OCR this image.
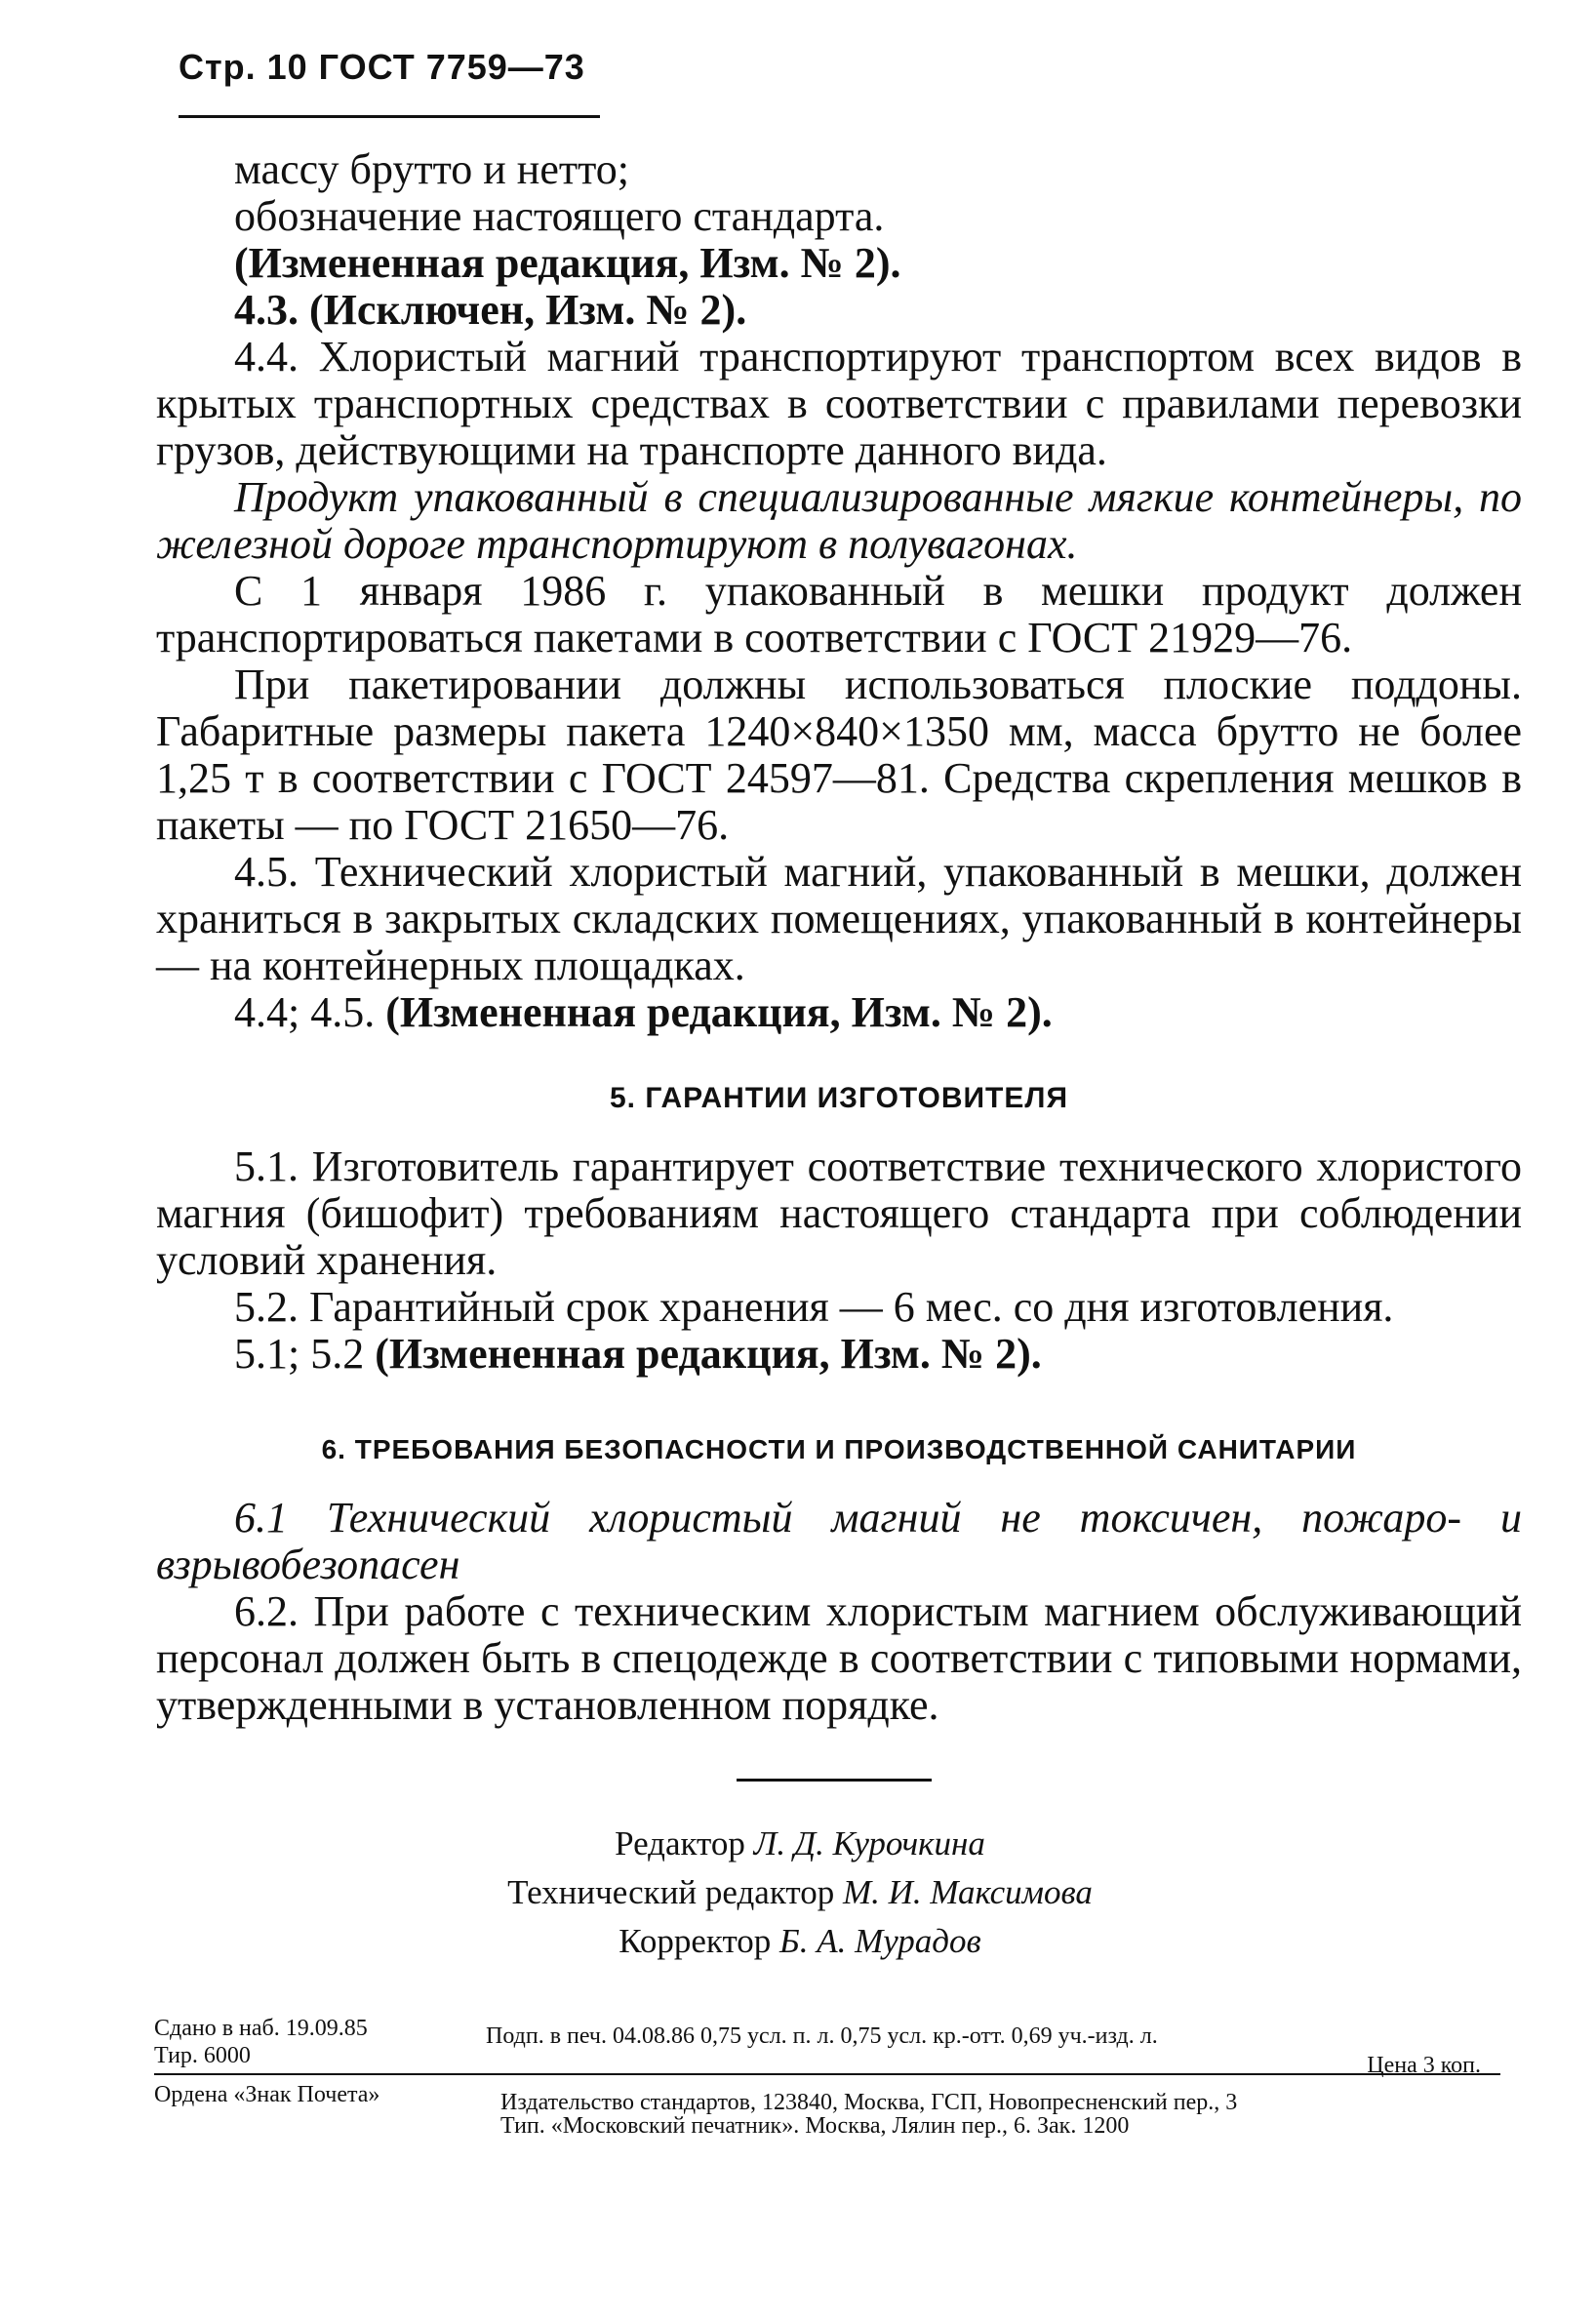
Стр. 10 ГОСТ 7759—73

массу брутто и нетто;

обозначение настоящего стандарта.

(Измененная редакция, Изм. № 2).

4.3. (Исключен, Изм. № 2).

4.4. Хлористый магний транспортируют транспортом всех видов в крытых транспортных средствах в соответствии с правилами перевозки грузов, действующими на транспорте данного вида.

Продукт упакованный в специализированные мягкие контейнеры, по железной дороге транспортируют в полувагонах.

С 1 января 1986 г. упакованный в мешки продукт должен транспортироваться пакетами в соответствии с ГОСТ 21929—76.

При пакетировании должны использоваться плоские поддоны. Габаритные размеры пакета 1240×840×1350 мм, масса брутто не более 1,25 т в соответствии с ГОСТ 24597—81. Средства скрепления мешков в пакеты — по ГОСТ 21650—76.

4.5. Технический хлористый магний, упакованный в мешки, должен храниться в закрытых складских помещениях, упакованный в контейнеры — на контейнерных площадках.

4.4; 4.5. (Измененная редакция, Изм. № 2).

5. ГАРАНТИИ ИЗГОТОВИТЕЛЯ

5.1. Изготовитель гарантирует соответствие технического хлористого магния (бишофит) требованиям настоящего стандарта при соблюдении условий хранения.

5.2. Гарантийный срок хранения — 6 мес. со дня изготовления.

5.1; 5.2 (Измененная редакция, Изм. № 2).

6. ТРЕБОВАНИЯ БЕЗОПАСНОСТИ И ПРОИЗВОДСТВЕННОЙ САНИТАРИИ

6.1 Технический хлористый магний не токсичен, пожаро- и взрывобезопасен

6.2. При работе с техническим хлористым магнием обслуживающий персонал должен быть в спецодежде в соответствии с типовыми нормами, утвержденными в установленном порядке.

Редактор Л. Д. Курочкина
Технический редактор М. И. Максимова
Корректор Б. А. Мурадов
Сдано в наб. 19.09.85	Подп. в печ. 04.08.86 0,75 усл. п. л. 0,75 усл. кр.-отт. 0,69 уч.-изд. л.
Тир. 6000	Цена 3 коп.
Ордена «Знак Почета»	Издательство стандартов, 123840, Москва, ГСП, Новопресненский пер., 3
Тип. «Московский печатник». Москва, Лялин пер., 6. Зак. 1200
